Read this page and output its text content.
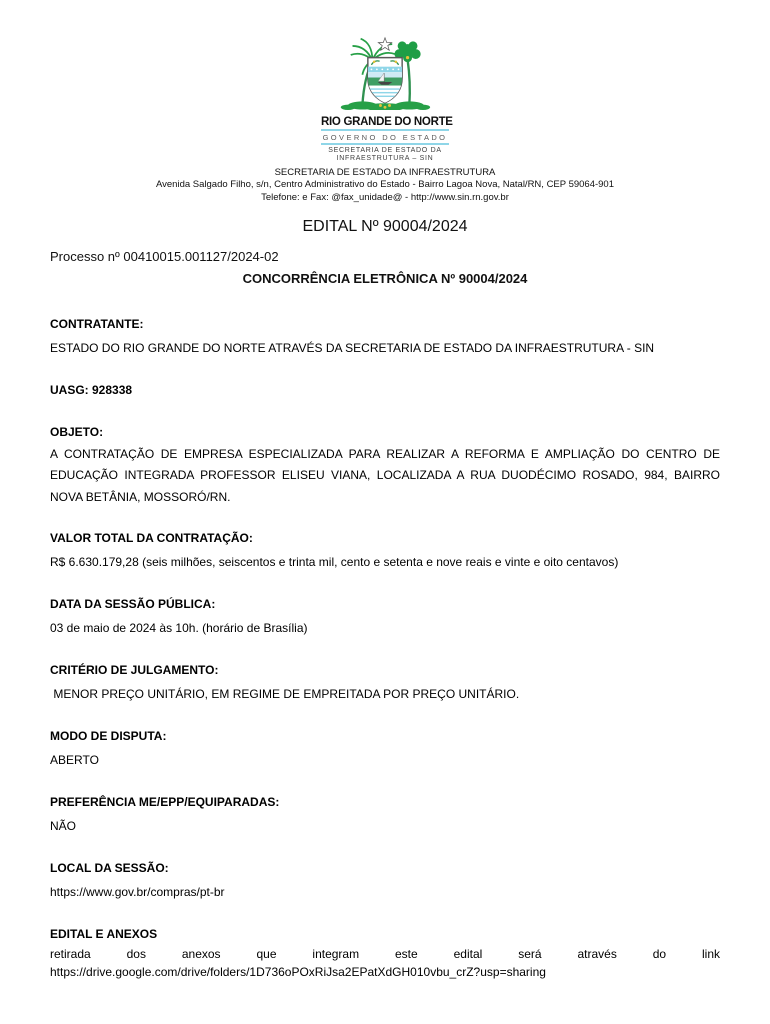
RIO GRANDE DO NORTE
GOVERNO DO ESTADO
SECRETARIA DE ESTADO DA
INFRAESTRUTURA – SIN
SECRETARIA DE ESTADO DA INFRAESTRUTURA
Avenida Salgado Filho, s/n, Centro Administrativo do Estado - Bairro Lagoa Nova, Natal/RN, CEP 59064-901
Telefone: e Fax: @fax_unidade@ - http://www.sin.rn.gov.br
EDITAL Nº 90004/2024
Processo nº 00410015.001127/2024-02
CONCORRÊNCIA ELETRÔNICA Nº 90004/2024
CONTRATANTE:
ESTADO DO RIO GRANDE DO NORTE ATRAVÉS DA SECRETARIA DE ESTADO DA INFRAESTRUTURA - SIN
UASG: 928338
OBJETO:
A CONTRATAÇÃO DE EMPRESA ESPECIALIZADA PARA REALIZAR A REFORMA E AMPLIAÇÃO DO CENTRO DE EDUCAÇÃO INTEGRADA PROFESSOR ELISEU VIANA, LOCALIZADA A RUA DUODÉCIMO ROSADO, 984, BAIRRO NOVA BETÂNIA, MOSSORÓ/RN.
VALOR TOTAL DA CONTRATAÇÃO:
R$ 6.630.179,28 (seis milhões, seiscentos e trinta mil, cento e setenta e nove reais e vinte e oito centavos)
DATA DA SESSÃO PÚBLICA:
03 de maio de 2024 às 10h. (horário de Brasília)
CRITÉRIO DE JULGAMENTO:
MENOR PREÇO UNITÁRIO, EM REGIME DE EMPREITADA POR PREÇO UNITÁRIO.
MODO DE DISPUTA:
ABERTO
PREFERÊNCIA ME/EPP/EQUIPARADAS:
NÃO
LOCAL DA SESSÃO:
https://www.gov.br/compras/pt-br
EDITAL E ANEXOS
retirada dos anexos que integram este edital será através do link https://drive.google.com/drive/folders/1D736oPOxRiJsa2EPatXdGH010vbu_crZ?usp=sharing
